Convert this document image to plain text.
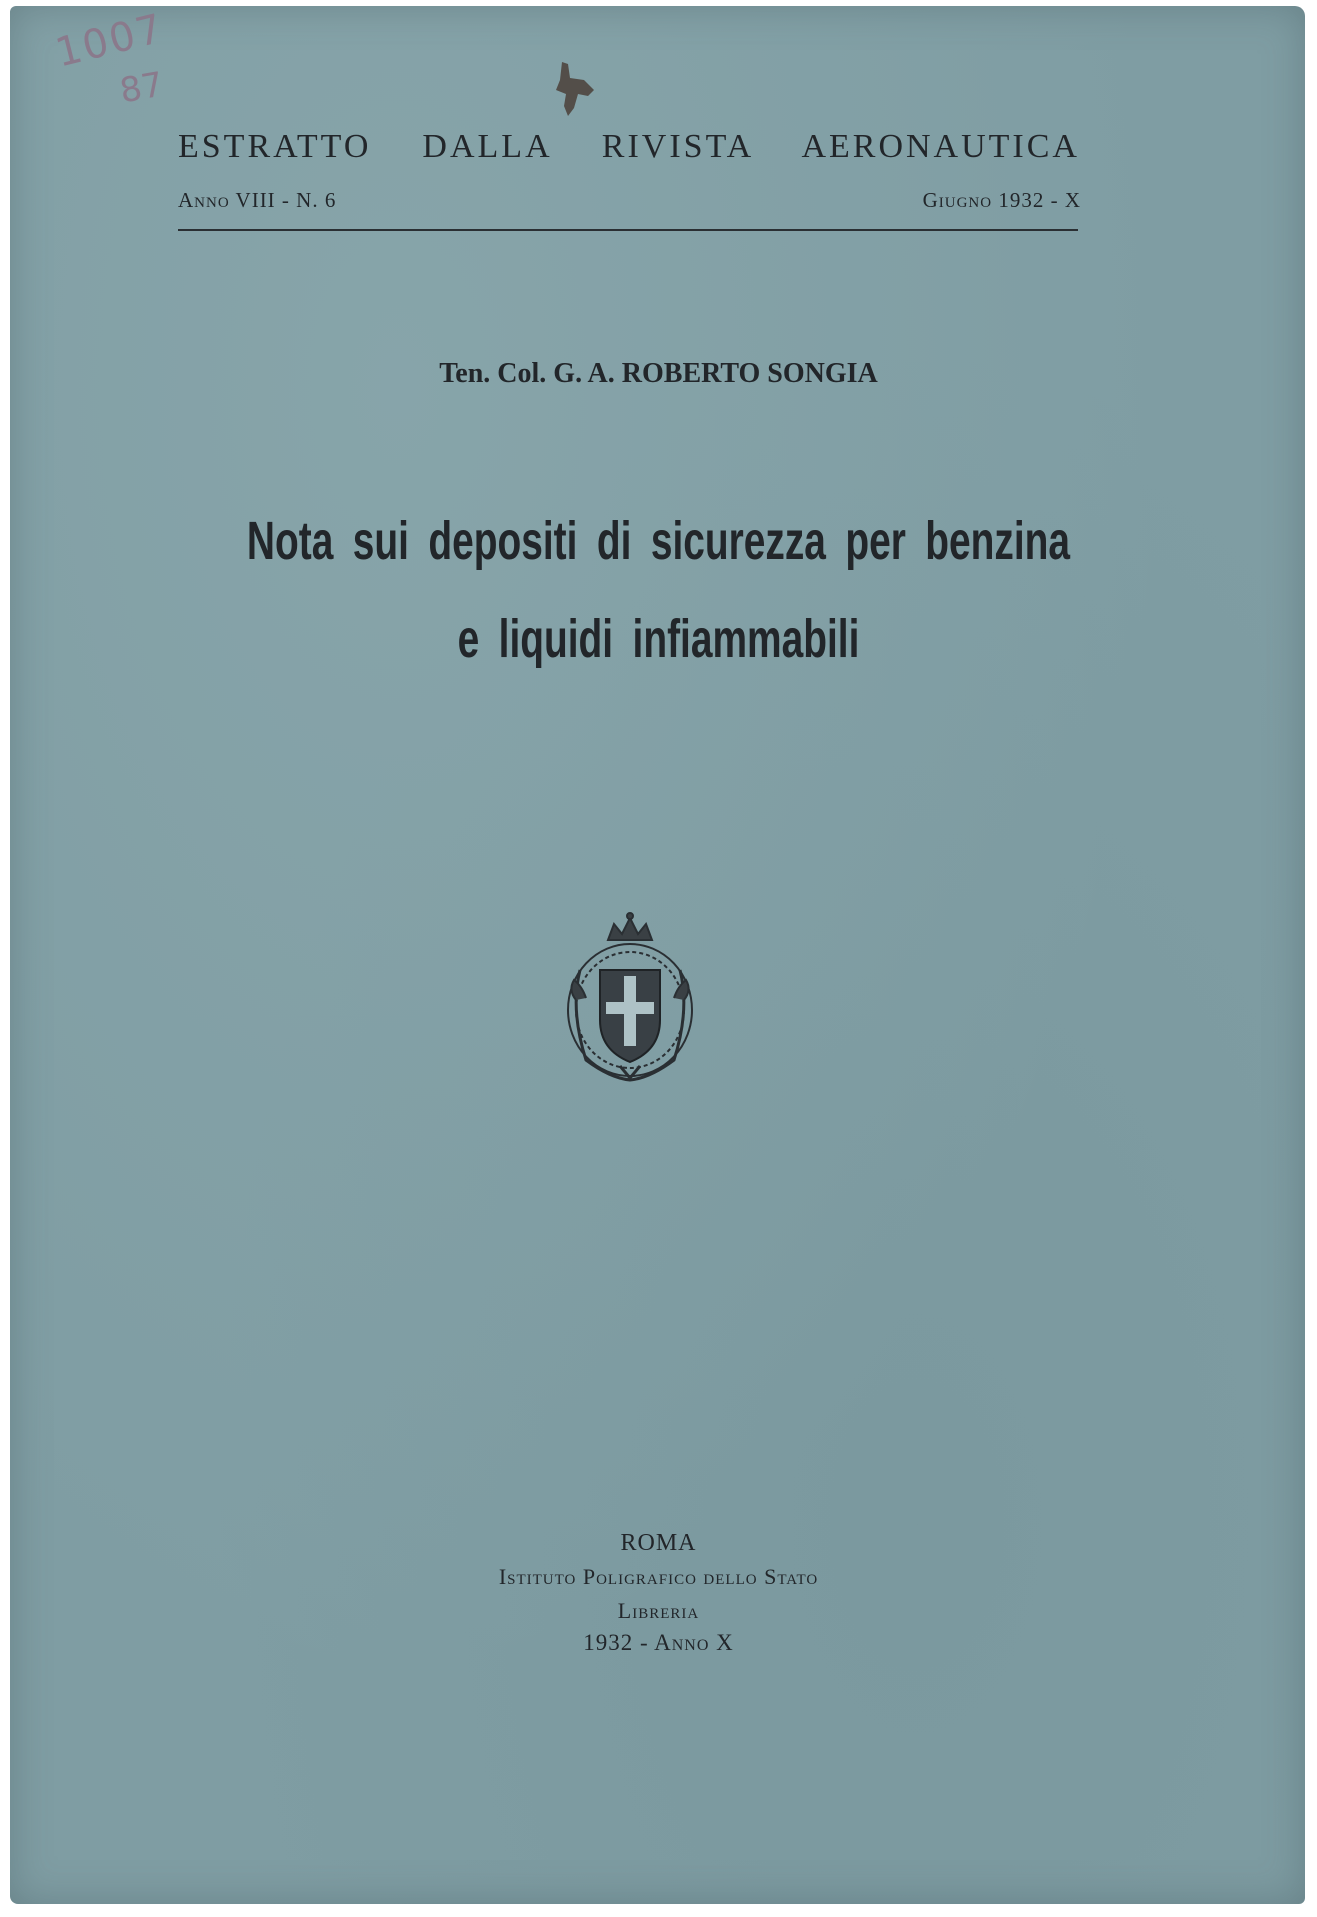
1007
87
ESTRATTO DALLA RIVISTA AERONAUTICA
Anno VIII - N. 6	Giugno 1932 - X
Ten. Col. G. A. ROBERTO SONGIA
Nota sui depositi di sicurezza per benzina
e liquidi infiammabili
ROMA
Istituto Poligrafico dello Stato
Libreria
1932 - Anno X
